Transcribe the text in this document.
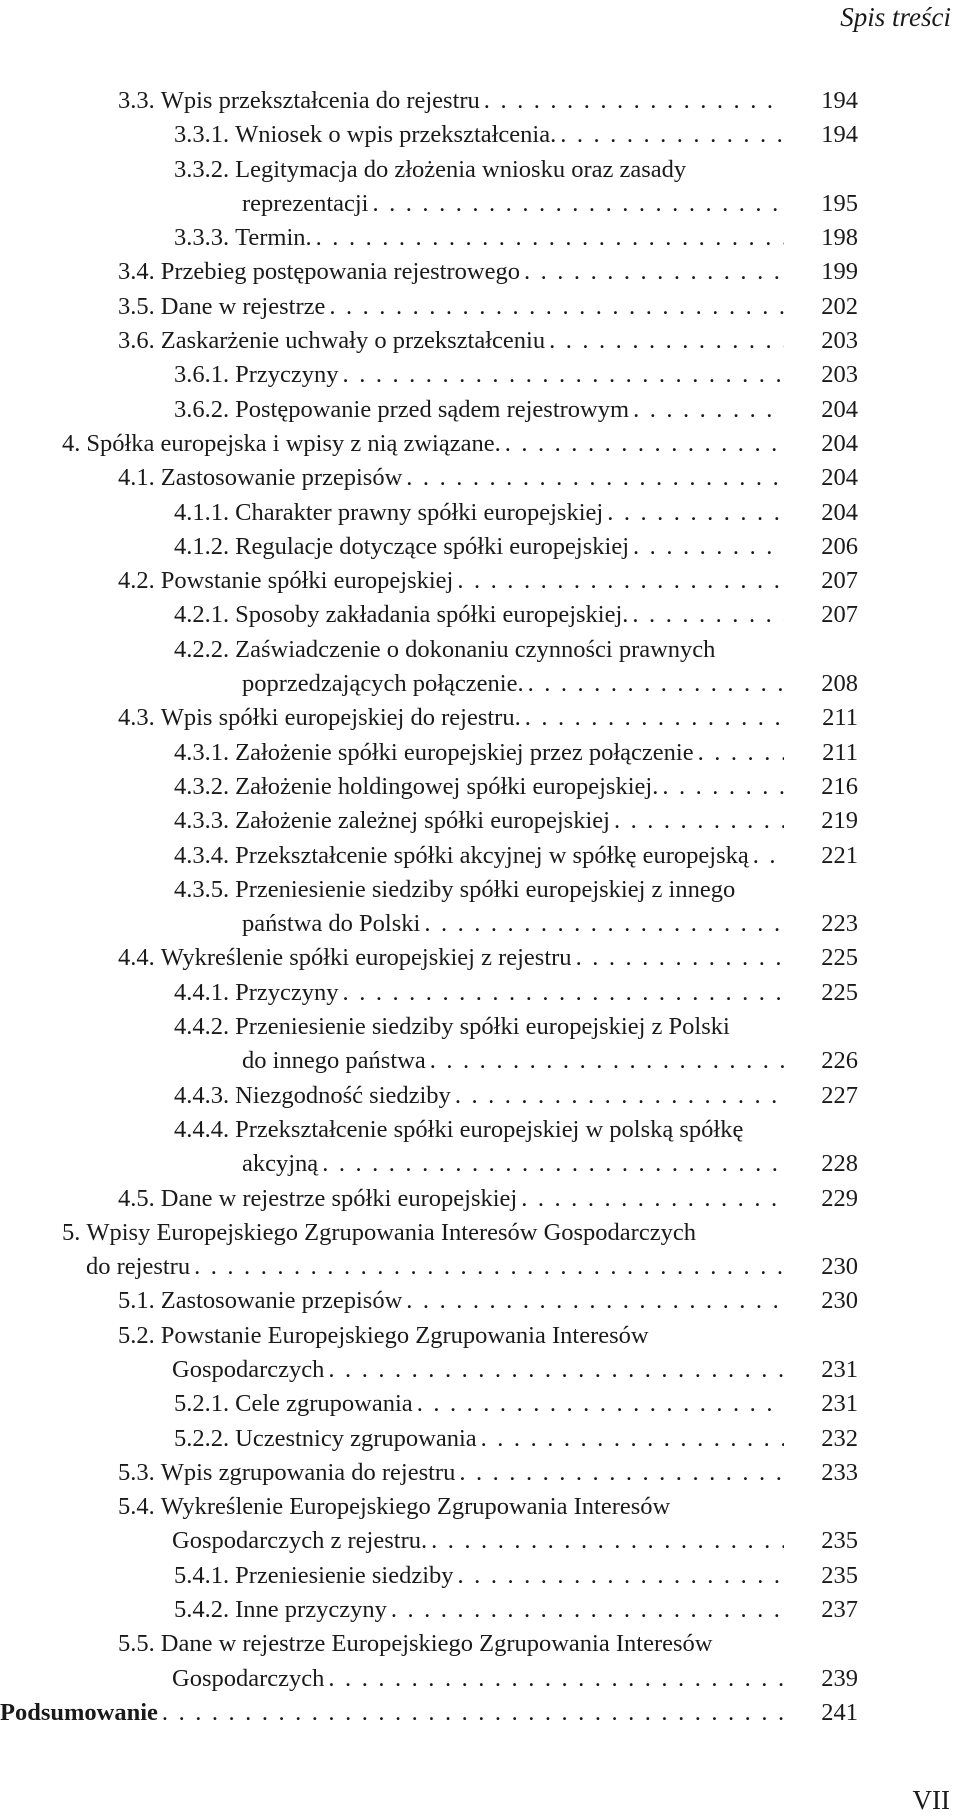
Spis treści
3.3. Wpis przekształcenia do rejestru . . .	194
3.3.1. Wniosek o wpis przekształcenia. . . .	194
3.3.2. Legitymacja do złożenia wniosku oraz zasady
reprezentacji . . .	195
3.3.3. Termin. . . .	198
3.4. Przebieg postępowania rejestrowego . . .	199
3.5. Dane w rejestrze . . .	202
3.6. Zaskarżenie uchwały o przekształceniu . . .	203
3.6.1. Przyczyny . . .	203
3.6.2. Postępowanie przed sądem rejestrowym . . .	204
4. Spółka europejska i wpisy z nią związane. . . .	204
4.1. Zastosowanie przepisów . . .	204
4.1.1. Charakter prawny spółki europejskiej . . .	204
4.1.2. Regulacje dotyczące spółki europejskiej . . .	206
4.2. Powstanie spółki europejskiej . . .	207
4.2.1. Sposoby zakładania spółki europejskiej. . . .	207
4.2.2. Zaświadczenie o dokonaniu czynności prawnych
poprzedzających połączenie. . . .	208
4.3. Wpis spółki europejskiej do rejestru. . . .	211
4.3.1. Założenie spółki europejskiej przez połączenie . . .	211
4.3.2. Założenie holdingowej spółki europejskiej. . . .	216
4.3.3. Założenie zależnej spółki europejskiej . . .	219
4.3.4. Przekształcenie spółki akcyjnej w spółkę europejską . . .	221
4.3.5. Przeniesienie siedziby spółki europejskiej z innego
państwa do Polski . . .	223
4.4. Wykreślenie spółki europejskiej z rejestru . . .	225
4.4.1. Przyczyny . . .	225
4.4.2. Przeniesienie siedziby spółki europejskiej z Polski
do innego państwa . . .	226
4.4.3. Niezgodność siedziby . . .	227
4.4.4. Przekształcenie spółki europejskiej w polską spółkę
akcyjną . . .	228
4.5. Dane w rejestrze spółki europejskiej . . .	229
5. Wpisy Europejskiego Zgrupowania Interesów Gospodarczych
do rejestru . . .	230
5.1. Zastosowanie przepisów . . .	230
5.2. Powstanie Europejskiego Zgrupowania Interesów
Gospodarczych . . .	231
5.2.1. Cele zgrupowania . . .	231
5.2.2. Uczestnicy zgrupowania . . .	232
5.3. Wpis zgrupowania do rejestru . . .	233
5.4. Wykreślenie Europejskiego Zgrupowania Interesów
Gospodarczych z rejestru. . . .	235
5.4.1. Przeniesienie siedziby . . .	235
5.4.2. Inne przyczyny . . .	237
5.5. Dane w rejestrze Europejskiego Zgrupowania Interesów
Gospodarczych . . .	239
Podsumowanie . . .	241
VII
